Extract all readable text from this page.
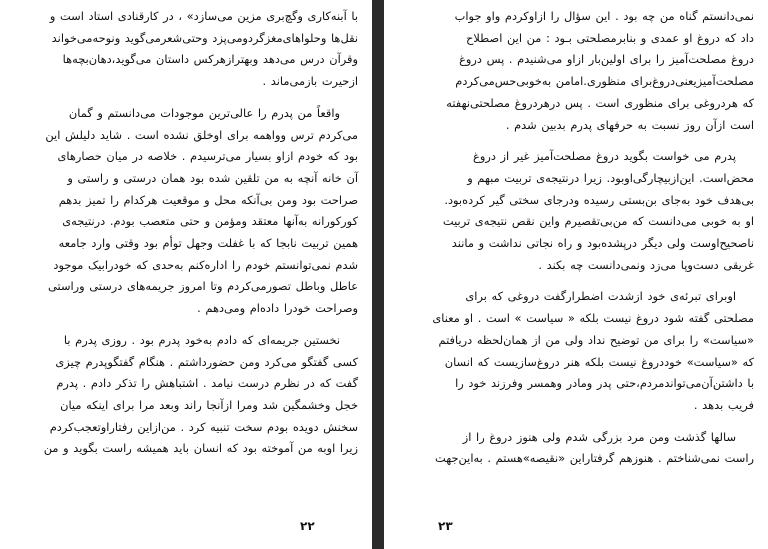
با آبنه‌کاری وگچ‌بری مزین می‌سازد» ، در کارقنادی استاد است و
نقل‌ها وحلواهای‌مغزگردومی‌پزد وحتی‌شعرمی‌گوید ونوحه‌می‌خواند
وقرآن درس می‌دهد وبهترازهرکس داستان می‌گوید،دهان‌بچه‌ها
ازحیرت بازمی‌ماند .

واقعاً من پدرم را عالی‌ترین موجودات می‌دانستم و گمان
می‌کردم ترس وواهمه برای اوخلق نشده است . شاید دلیلش این
بود که خودم ازاو بسیار می‌ترسیدم . خلاصه در میان حصارهای
آن خانه آنچه به من تلقین شده بود همان درستی و راستی و
صراحت بود ومن بی‌آنکه محل و موقعیت هرکدام را تمیز بدهم
کورکورانه به‌آنها معتقد ومؤمن و حتی متعصب بودم. درنتیجه‌ی
همین تربیت نابجا که با غفلت وجهل توأم بود وقتی وارد جامعه
شدم نمی‌توانستم خودم را اداره‌کنم به‌حدی که خودرابیک موجود
عاطل وباطل تصورمی‌کردم وتا امروز جریمه‌های درستی وراستی
وصراحت خودرا داده‌ام ومی‌دهم .

نخستین جریمه‌ای که دادم به‌خود پدرم بود . روزی پدرم با
کسی گفتگو می‌کرد ومن حضورداشتم . هنگام گفتگو‌پدرم چیزی
گفت که در نظرم درست نیامد . اشتباهش را تذکر دادم . پدرم
خجل وخشمگین شد ومرا ازآنجا راند وبعد مرا برای اینکه میان
سخنش دویده بودم سخت تنبیه کرد . من‌ازاین رفتاراوتعجب‌کردم
زیرا اوبه من آموخته بود که انسان باید همیشه راست بگوید و من

نمی‌دانستم گناه من چه بود . این سؤال را ازاوکردم واو جواب
داد که دروغ او عمدی و بنابرمصلحتی بـود : من این اصطلاح
دروغ مصلحت‌آمیز را برای اولین‌بار ازاو می‌شنیدم . پس دروغ
مصلحت‌آمیزیعنی‌دروغ‌برای منظوری.امامن به‌خوبی‌حس‌می‌کردم
که هردروغی برای منظوری است . پس درهردروغ مصلحتی‌نهفته
است ازآن روز نسبت به حرفهای پدرم بدبین شدم .

پدرم می خواست بگوید دروغ مصلحت‌آمیز غیر از دروغ
محض‌است. این‌ازبیچارگی‌اوبود. زیرا درنتیجه‌ی تربیت مبهم و
بی‌هدف خود به‌جای بن‌بستی رسیده ودرجای سختی گیر کرده‌بود.
او به خوبی می‌دانست که من‌بی‌تقصیرم واین نقص نتیجه‌ی تربیت
ناصحیح‌اوست ولی دیگر درپشده‌بود و راه نجاتی نداشت و مانند
غریقی دست‌وپا می‌زد ونمی‌دانست چه بکند .

اوبرای تبرئه‌ی خود ازشدت اضطرارگفت دروغی که برای
مصلحتی گفته شود دروغ نیست بلکه « سیاست » است . او معنای
«سیاست» را برای من توضیح نداد ولی من از همان‌لحظه دریافتم
که «سیاست» خوددروغ نیست بلکه هنر دروغ‌سازیست که انسان
با داشتن‌آن‌می‌تواندمردم،حتی پدر ومادر وهمسر وفرزند خود را
فریب بدهد .

سالها گذشت ومن مرد بزرگی شدم ولی هنوز دروغ را از
راست نمی‌شناختم . هنوزهم گرفتاراین «نقیصه»هستم . به‌این‌جهت

۲۲	۲۳
